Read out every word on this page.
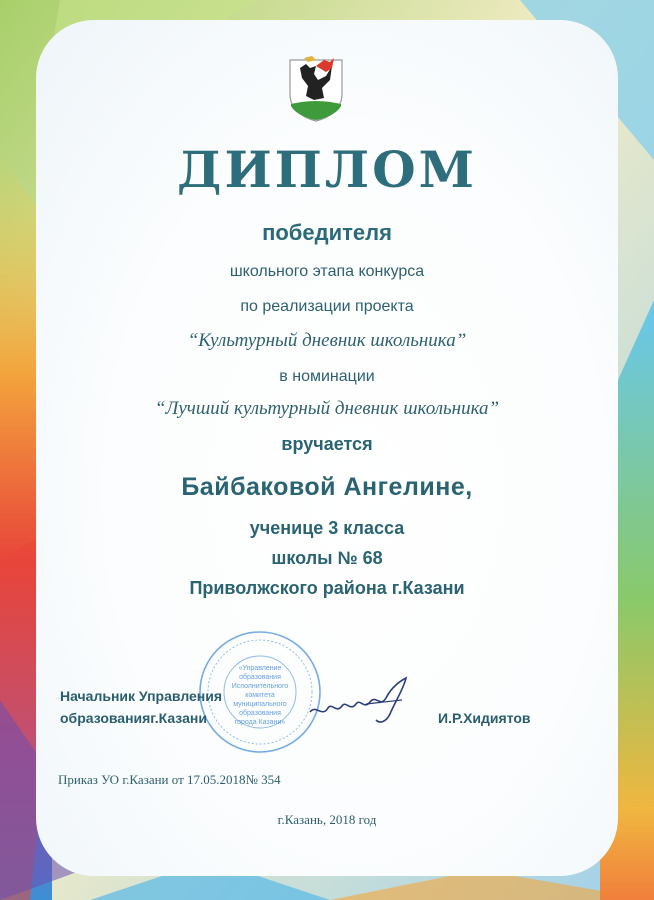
ДИПЛОМ
победителя
школьного этапа конкурса
по реализации проекта
“Культурный дневник школьника”
в номинации
“Лучший культурный дневник школьника”
вручается
Байбаковой Ангелине,
ученице 3 класса
школы № 68
Приволжского района г.Казани
«Управление
образования
Исполнительного
комитета
муниципального
образования
города Казани»
Начальник Управления
образованияг.Казани	И.Р.Хидиятов
Приказ УО г.Казани от 17.05.2018№ 354
г.Казань, 2018 год
